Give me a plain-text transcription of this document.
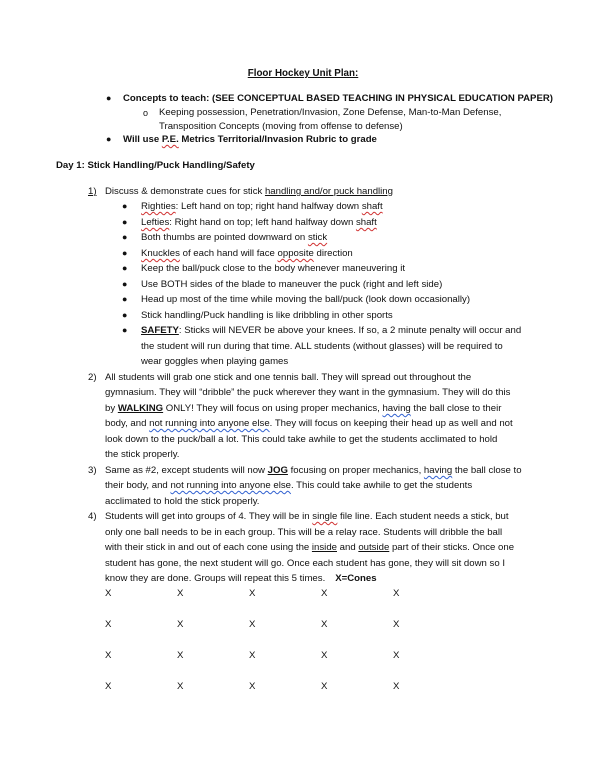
Floor Hockey Unit Plan:
● Concepts to teach: (SEE CONCEPTUAL BASED TEACHING IN PHYSICAL EDUCATION PAPER)
o Keeping possession, Penetration/Invasion, Zone Defense, Man-to-Man Defense,
Transposition Concepts (moving from offense to defense)
● Will use P.E. Metrics Territorial/Invasion Rubric to grade
Day 1: Stick Handling/Puck Handling/Safety
1) Discuss & demonstrate cues for stick handling and/or puck handling
● Righties: Left hand on top; right hand halfway down shaft
● Lefties: Right hand on top; left hand halfway down shaft
● Both thumbs are pointed downward on stick
● Knuckles of each hand will face opposite direction
● Keep the ball/puck close to the body whenever maneuvering it
● Use BOTH sides of the blade to maneuver the puck (right and left side)
● Head up most of the time while moving the ball/puck (look down occasionally)
● Stick handling/Puck handling is like dribbling in other sports
● SAFETY: Sticks will NEVER be above your knees. If so, a 2 minute penalty will occur and
the student will run during that time. ALL students (without glasses) will be required to
wear goggles when playing games
2) All students will grab one stick and one tennis ball. They will spread out throughout the
gymnasium. They will “dribble” the puck wherever they want in the gymnasium. They will do this
by WALKING ONLY! They will focus on using proper mechanics, having the ball close to their
body, and not running into anyone else. They will focus on keeping their head up as well and not
look down to the puck/ball a lot. This could take awhile to get the students acclimated to hold
the stick properly.
3) Same as #2, except students will now JOG focusing on proper mechanics, having the ball close to
their body, and not running into anyone else. This could take awhile to get the students
acclimated to hold the stick properly.
4) Students will get into groups of 4. They will be in single file line. Each student needs a stick, but
only one ball needs to be in each group. This will be a relay race. Students will dribble the ball
with their stick in and out of each cone using the inside and outside part of their sticks. Once one
student has gone, the next student will go. Once each student has gone, they will sit down so I
know they are done. Groups will repeat this 5 times. X=Cones
X	X	X	X	X
X	X	X	X	X
X	X	X	X	X
X	X	X	X	X
